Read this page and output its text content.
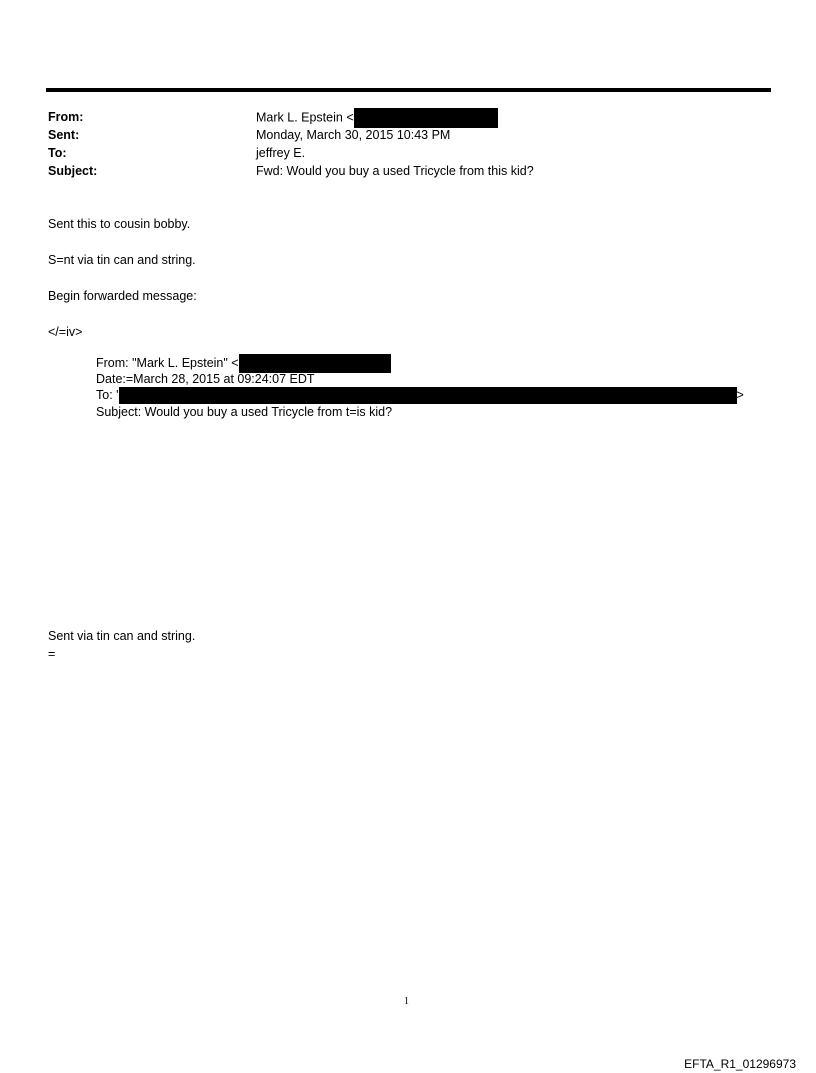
From:	Mark L. Epstein <
Sent:	Monday, March 30, 2015 10:43 PM
To:	jeffrey E.
Subject:	Fwd: Would you buy a used Tricycle from this kid?
Sent this to cousin bobby.
S=nt via tin can and string.
Begin forwarded message:
</=iv>
From: "Mark L. Epstein" <
Date:=March 28, 2015 at 09:24:07 EDT
To: '	>
Subject: Would you buy a used Tricycle from t=is kid?
Sent via tin can and string.
=
1
EFTA_R1_01296973
